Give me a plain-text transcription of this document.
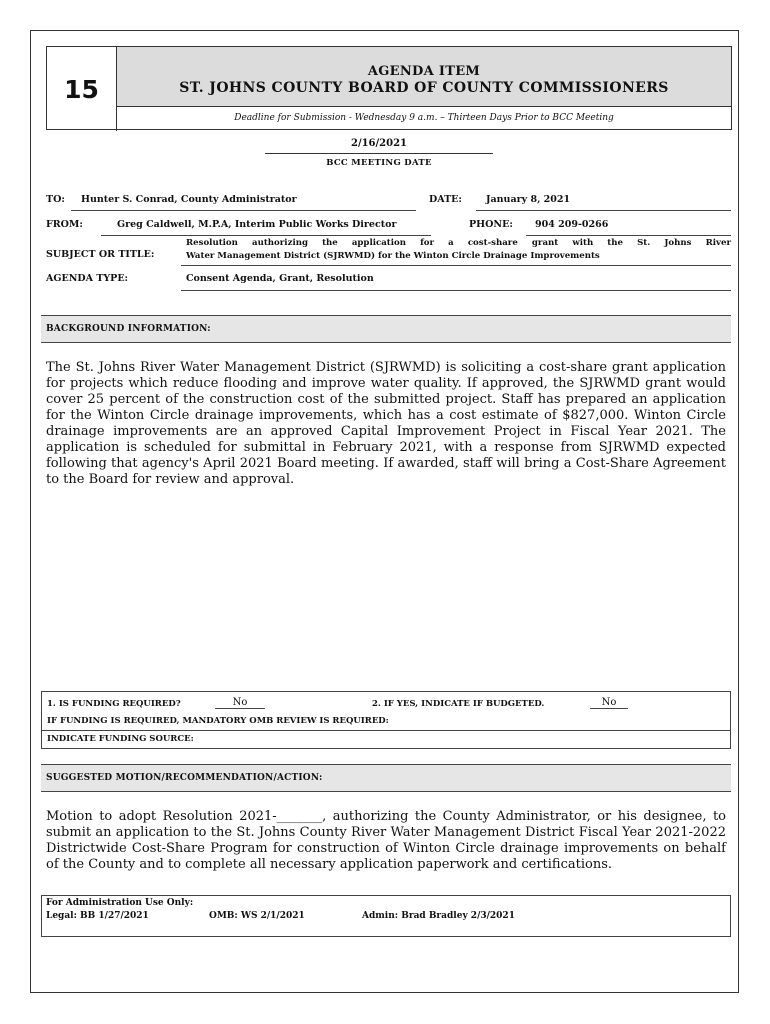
15
AGENDA ITEM
ST. JOHNS COUNTY BOARD OF COUNTY COMMISSIONERS
Deadline for Submission - Wednesday 9 a.m. – Thirteen Days Prior to BCC Meeting
2/16/2021
BCC MEETING DATE
TO: Hunter S. Conrad, County Administrator	DATE:	January 8, 2021
FROM:	Greg Caldwell, M.P.A, Interim Public Works Director	PHONE: 904 209-0266
SUBJECT OR TITLE:
Resolution authorizing the application for a cost-share grant with the St. Johns River
Water Management District (SJRWMD) for the Winton Circle Drainage Improvements
AGENDA TYPE:	Consent Agenda, Grant, Resolution
BACKGROUND INFORMATION:
The St. Johns River Water Management District (SJRWMD) is soliciting a cost-share grant application for projects which reduce flooding and improve water quality. If approved, the SJRWMD grant would cover 25 percent of the construction cost of the submitted project. Staff has prepared an application for the Winton Circle drainage improvements, which has a cost estimate of $827,000. Winton Circle drainage improvements are an approved Capital Improvement Project in Fiscal Year 2021. The application is scheduled for submittal in February 2021, with a response from SJRWMD expected following that agency's April 2021 Board meeting. If awarded, staff will bring a Cost-Share Agreement to the Board for review and approval.
1. IS FUNDING REQUIRED?	No	2. IF YES, INDICATE IF BUDGETED.	No
IF FUNDING IS REQUIRED, MANDATORY OMB REVIEW IS REQUIRED:
INDICATE FUNDING SOURCE:
SUGGESTED MOTION/RECOMMENDATION/ACTION:
Motion to adopt Resolution 2021-_______, authorizing the County Administrator, or his designee, to submit an application to the St. Johns County River Water Management District Fiscal Year 2021-2022 Districtwide Cost-Share Program for construction of Winton Circle drainage improvements on behalf of the County and to complete all necessary application paperwork and certifications.
For Administration Use Only:
Legal: BB 1/27/2021	OMB: WS 2/1/2021	Admin: Brad Bradley 2/3/2021
